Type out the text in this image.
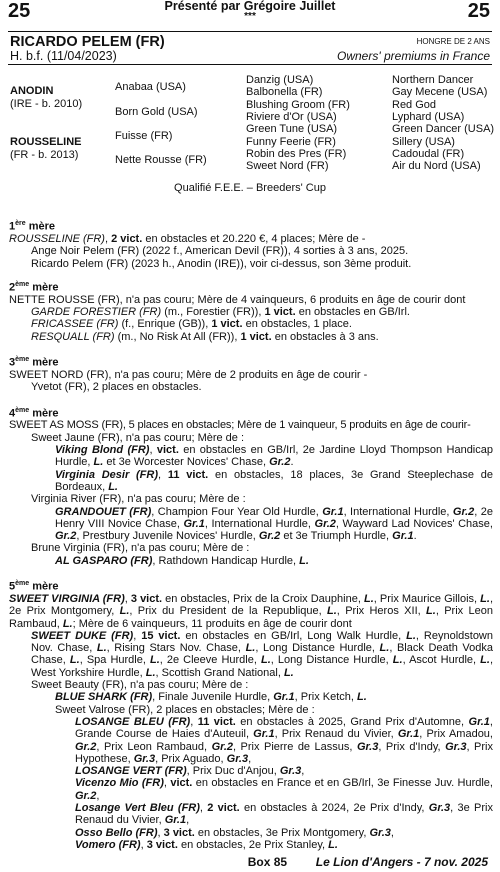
25	Présenté par Grégoire Juillet
***	25
RICARDO PELEM (FR)
H. b.f. (11/04/2023)
HONGRE DE 2 ANS
Owners' premiums in France
ANODIN
(IRE - b. 2010)
ROUSSELINE
(FR - b. 2013)
Anabaa (USA)
Born Gold (USA)
Fuisse (FR)
Nette Rousse (FR)
Danzig (USA)
Balbonella (FR)
Blushing Groom (FR)
Riviere d'Or (USA)
Green Tune (USA)
Funny Feerie (FR)
Robin des Pres (FR)
Sweet Nord (FR)
Northern Dancer
Gay Mecene (USA)
Red God
Lyphard (USA)
Green Dancer (USA)
Sillery (USA)
Cadoudal (FR)
Air du Nord (USA)
Qualifié F.E.E. – Breeders' Cup
1ère mère
ROUSSELINE (FR), 2 vict. en obstacles et 20.220 €, 4 places; Mère de -
Ange Noir Pelem (FR) (2022 f., American Devil (FR)), 4 sorties à 3 ans, 2025.
Ricardo Pelem (FR) (2023 h., Anodin (IRE)), voir ci-dessus, son 3ème produit.
2ème mère
NETTE ROUSSE (FR), n'a pas couru; Mère de 4 vainqueurs, 6 produits en âge de courir dont
GARDE FORESTIER (FR) (m., Forestier (FR)), 1 vict. en obstacles en GB/Irl.
FRICASSEE (FR) (f., Enrique (GB)), 1 vict. en obstacles, 1 place.
RESQUALL (FR) (m., No Risk At All (FR)), 1 vict. en obstacles à 3 ans.
3ème mère
SWEET NORD (FR), n'a pas couru; Mère de 2 produits en âge de courir -
Yvetot (FR), 2 places en obstacles.
4ème mère
SWEET AS MOSS (FR), 5 places en obstacles; Mère de 1 vainqueur, 5 produits en âge de courir-
Sweet Jaune (FR), n'a pas couru; Mère de :
Viking Blond (FR), vict. en obstacles en GB/Irl, 2e Jardine Lloyd Thompson Handicap Hurdle, L. et 3e Worcester Novices' Chase, Gr.2.
Virginia Desir (FR), 11 vict. en obstacles, 18 places, 3e Grand Steeplechase de Bordeaux, L.
Virginia River (FR), n'a pas couru; Mère de :
GRANDOUET (FR), Champion Four Year Old Hurdle, Gr.1, International Hurdle, Gr.2, 2e Henry VIII Novice Chase, Gr.1, International Hurdle, Gr.2, Wayward Lad Novices' Chase, Gr.2, Prestbury Juvenile Novices' Hurdle, Gr.2 et 3e Triumph Hurdle, Gr.1.
Brune Virginia (FR), n'a pas couru; Mère de :
AL GASPARO (FR), Rathdown Handicap Hurdle, L.
5ème mère
SWEET VIRGINIA (FR), 3 vict. en obstacles, Prix de la Croix Dauphine, L., Prix Maurice Gillois, L., 2e Prix Montgomery, L., Prix du President de la Republique, L., Prix Heros XII, L., Prix Leon Rambaud, L.; Mère de 6 vainqueurs, 11 produits en âge de courir dont
SWEET DUKE (FR), 15 vict. en obstacles en GB/Irl, Long Walk Hurdle, L., Reynoldstown Nov. Chase, L., Rising Stars Nov. Chase, L., Long Distance Hurdle, L., Black Death Vodka Chase, L., Spa Hurdle, L., 2e Cleeve Hurdle, L., Long Distance Hurdle, L., Ascot Hurdle, L., West Yorkshire Hurdle, L., Scottish Grand National, L.
Sweet Beauty (FR), n'a pas couru; Mère de :
BLUE SHARK (FR), Finale Juvenile Hurdle, Gr.1, Prix Ketch, L.
Sweet Valrose (FR), 2 places en obstacles; Mère de :
LOSANGE BLEU (FR), 11 vict. en obstacles à 2025, Grand Prix d'Automne, Gr.1, Grande Course de Haies d'Auteuil, Gr.1, Prix Renaud du Vivier, Gr.1, Prix Amadou, Gr.2, Prix Leon Rambaud, Gr.2, Prix Pierre de Lassus, Gr.3, Prix d'Indy, Gr.3, Prix Hypothese, Gr.3, Prix Aguado, Gr.3,
LOSANGE VERT (FR), Prix Duc d'Anjou, Gr.3,
Vicenzo Mio (FR), vict. en obstacles en France et en GB/Irl, 3e Finesse Juv. Hurdle, Gr.2,
Losange Vert Bleu (FR), 2 vict. en obstacles à 2024, 2e Prix d'Indy, Gr.3, 3e Prix Renaud du Vivier, Gr.1,
Osso Bello (FR), 3 vict. en obstacles, 3e Prix Montgomery, Gr.3,
Vomero (FR), 3 vict. en obstacles, 2e Prix Stanley, L.
Box 85 Le Lion d'Angers - 7 nov. 2025
